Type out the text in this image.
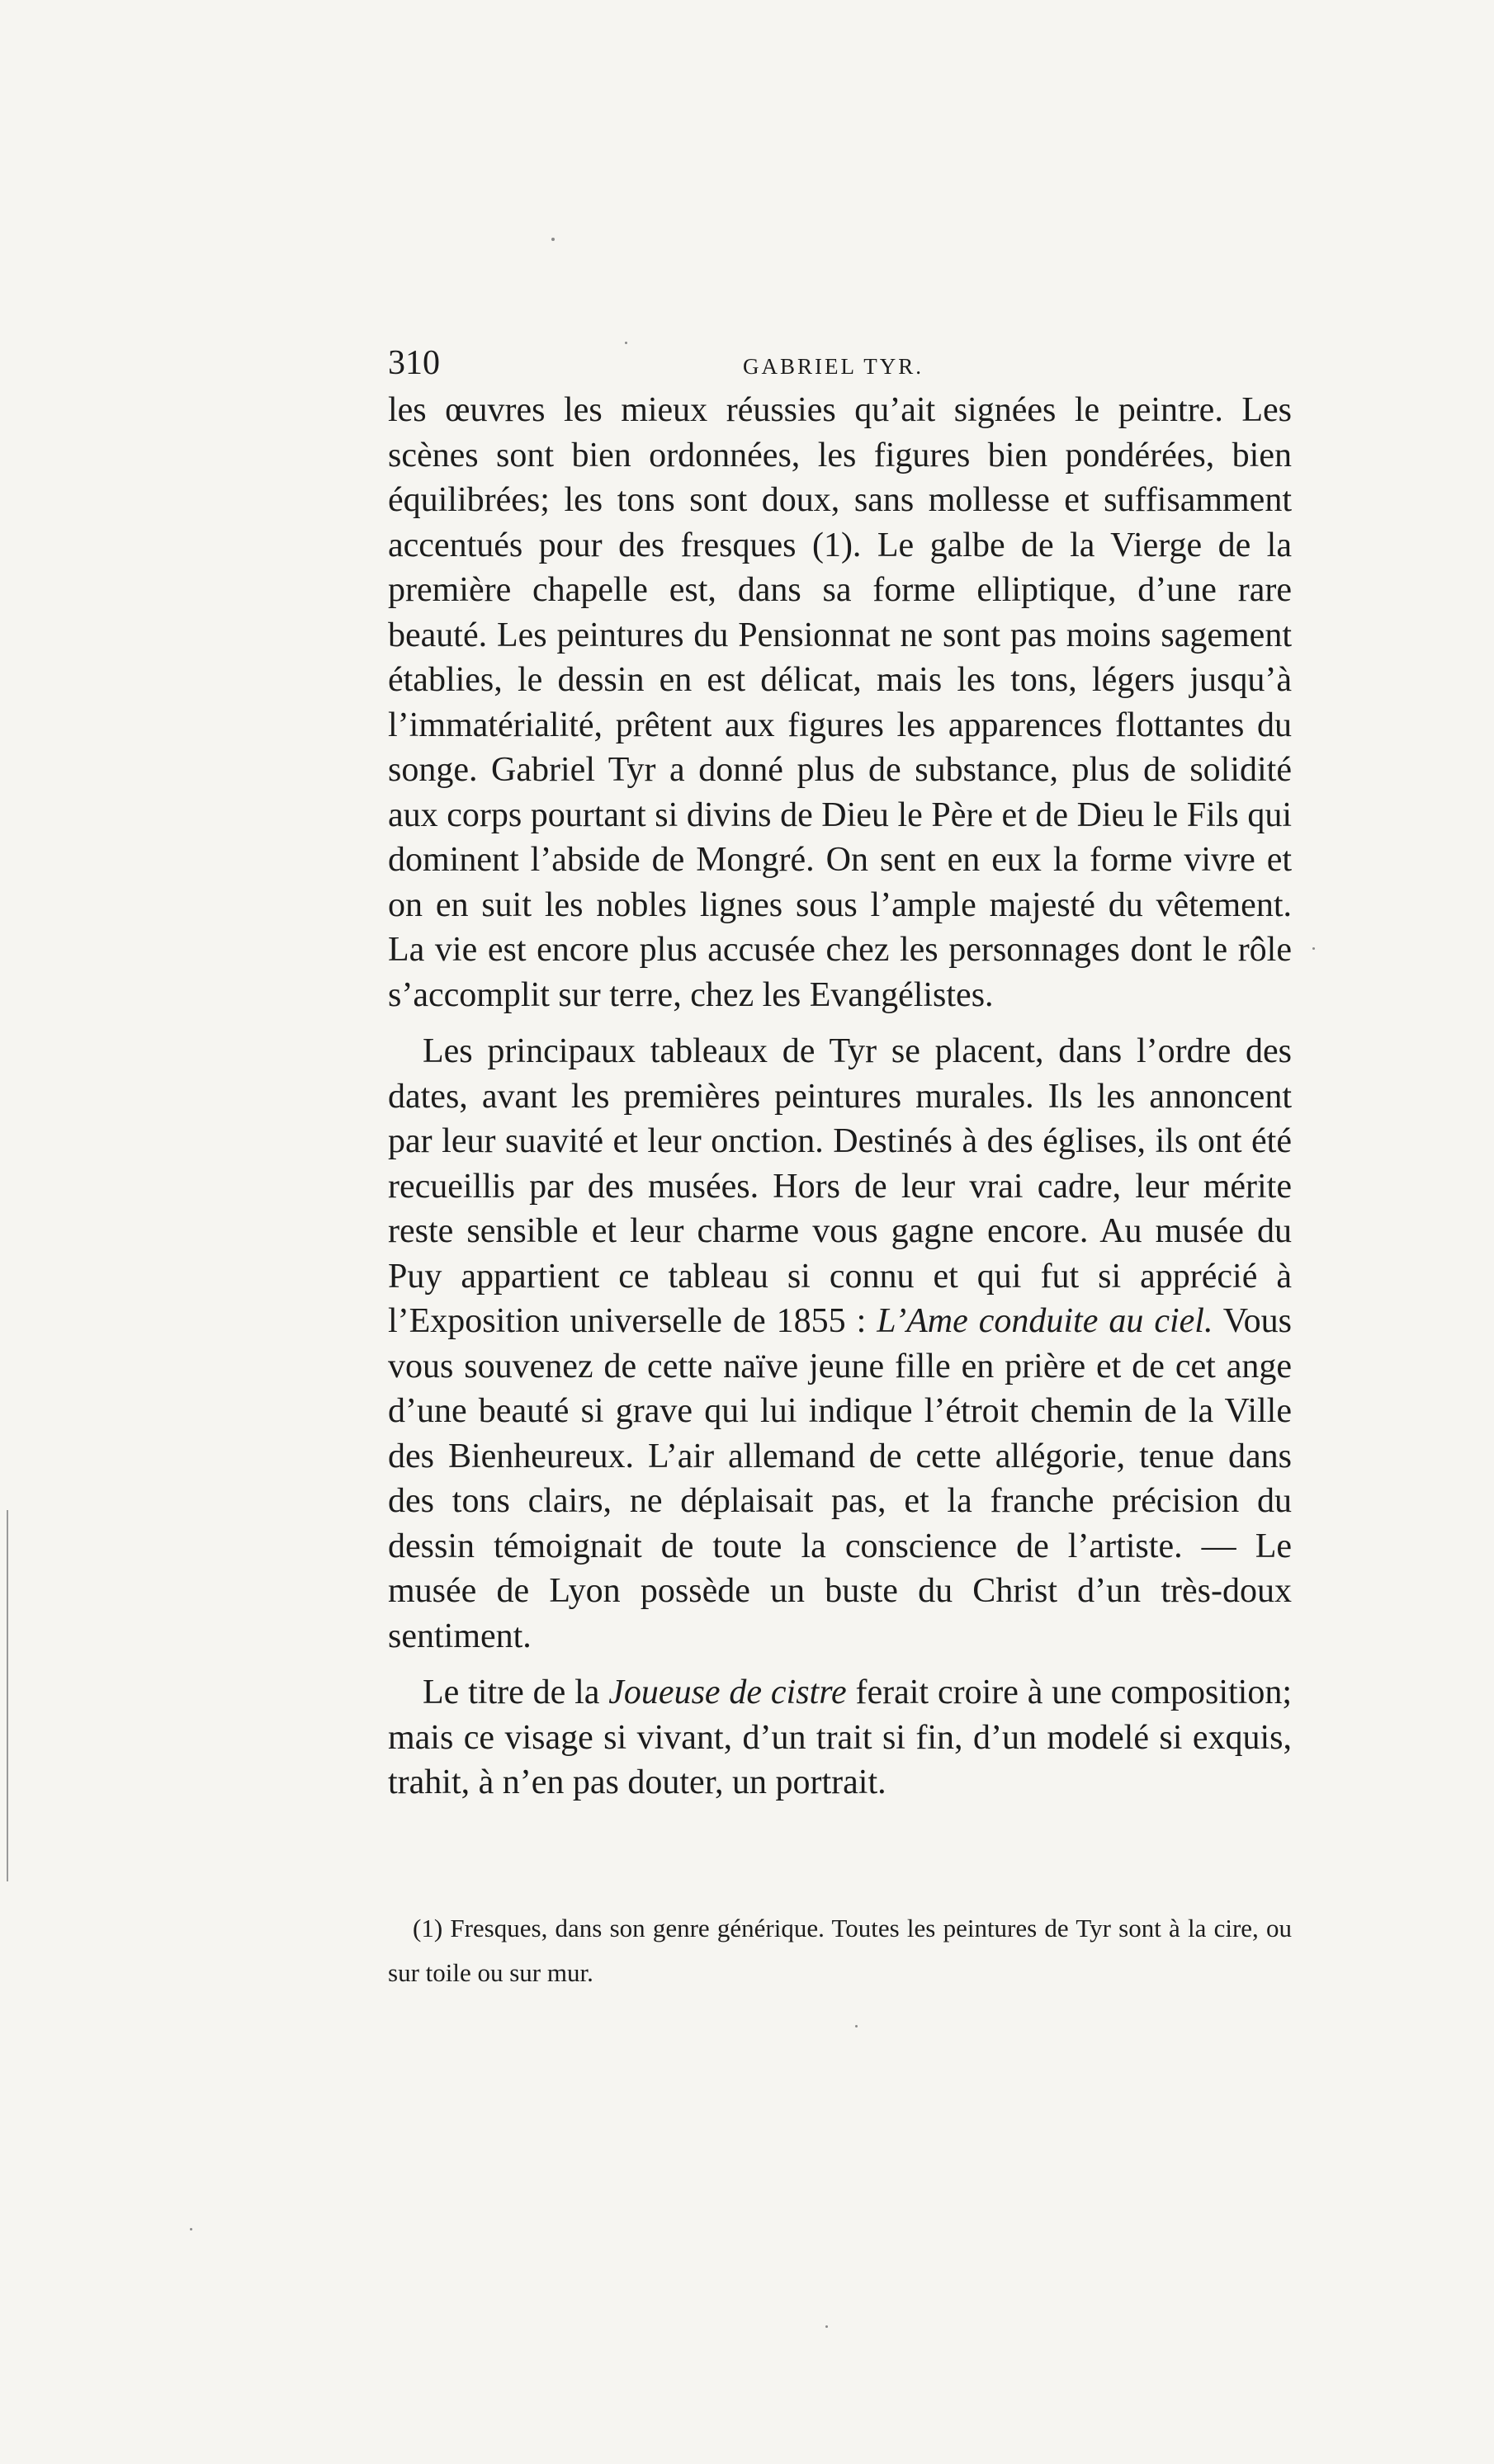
310	GABRIEL TYR.

les œuvres les mieux réussies qu’ait signées le peintre. Les scènes sont bien ordonnées, les figures bien pondérées, bien équilibrées; les tons sont doux, sans mollesse et suffisamment accentués pour des fresques (1). Le galbe de la Vierge de la première chapelle est, dans sa forme elliptique, d’une rare beauté. Les peintures du Pensionnat ne sont pas moins sagement établies, le dessin en est délicat, mais les tons, légers jusqu’à l’immatérialité, prêtent aux figures les apparences flottantes du songe. Gabriel Tyr a donné plus de substance, plus de solidité aux corps pourtant si divins de Dieu le Père et de Dieu le Fils qui dominent l’abside de Mongré. On sent en eux la forme vivre et on en suit les nobles lignes sous l’ample majesté du vêtement. La vie est encore plus accusée chez les personnages dont le rôle s’accomplit sur terre, chez les Evangélistes.

Les principaux tableaux de Tyr se placent, dans l’ordre des dates, avant les premières peintures murales. Ils les annoncent par leur suavité et leur onction. Destinés à des églises, ils ont été recueillis par des musées. Hors de leur vrai cadre, leur mérite reste sensible et leur charme vous gagne encore. Au musée du Puy appartient ce tableau si connu et qui fut si apprécié à l’Exposition universelle de 1855 : L’Ame conduite au ciel. Vous vous souvenez de cette naïve jeune fille en prière et de cet ange d’une beauté si grave qui lui indique l’étroit chemin de la Ville des Bienheureux. L’air allemand de cette allégorie, tenue dans des tons clairs, ne déplaisait pas, et la franche précision du dessin témoignait de toute la conscience de l’artiste. — Le musée de Lyon possède un buste du Christ d’un très-doux sentiment.

Le titre de la Joueuse de cistre ferait croire à une composition; mais ce visage si vivant, d’un trait si fin, d’un modelé si exquis, trahit, à n’en pas douter, un portrait.

(1) Fresques, dans son genre générique. Toutes les peintures de Tyr sont à la cire, ou sur toile ou sur mur.
